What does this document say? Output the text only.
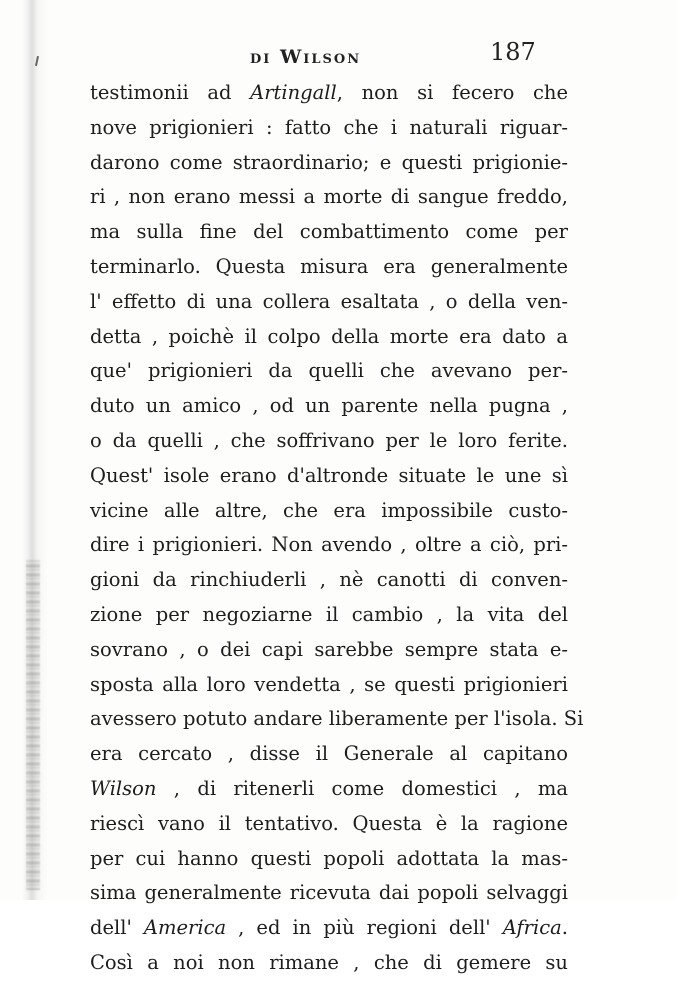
di Wilson	187
testimonii ad Artingall, non si fecero che
nove prigionieri : fatto che i naturali riguar-
darono come straordinario; e questi prigionie-
ri , non erano messi a morte di sangue freddo,
ma sulla fine del combattimento come per
terminarlo. Questa misura era generalmente
l' effetto di una collera esaltata , o della ven-
detta , poichè il colpo della morte era dato a
que' prigionieri da quelli che avevano per-
duto un amico , od un parente nella pugna ,
o da quelli , che soffrivano per le loro ferite.
Quest' isole erano d'altronde situate le une sì
vicine alle altre, che era impossibile custo-
dire i prigionieri. Non avendo , oltre a ciò, pri-
gioni da rinchiuderli , nè canotti di conven-
zione per negoziarne il cambio , la vita del
sovrano , o dei capi sarebbe sempre stata e-
sposta alla loro vendetta , se questi prigionieri
avessero potuto andare liberamente per l'isola. Si
era cercato , disse il Generale al capitano
Wilson , di ritenerli come domestici , ma
riescì vano il tentativo. Questa è la ragione
per cui hanno questi popoli adottata la mas-
sima generalmente ricevuta dai popoli selvaggi
dell' America , ed in più regioni dell' Africa.
Così a noi non rimane , che di gemere su
